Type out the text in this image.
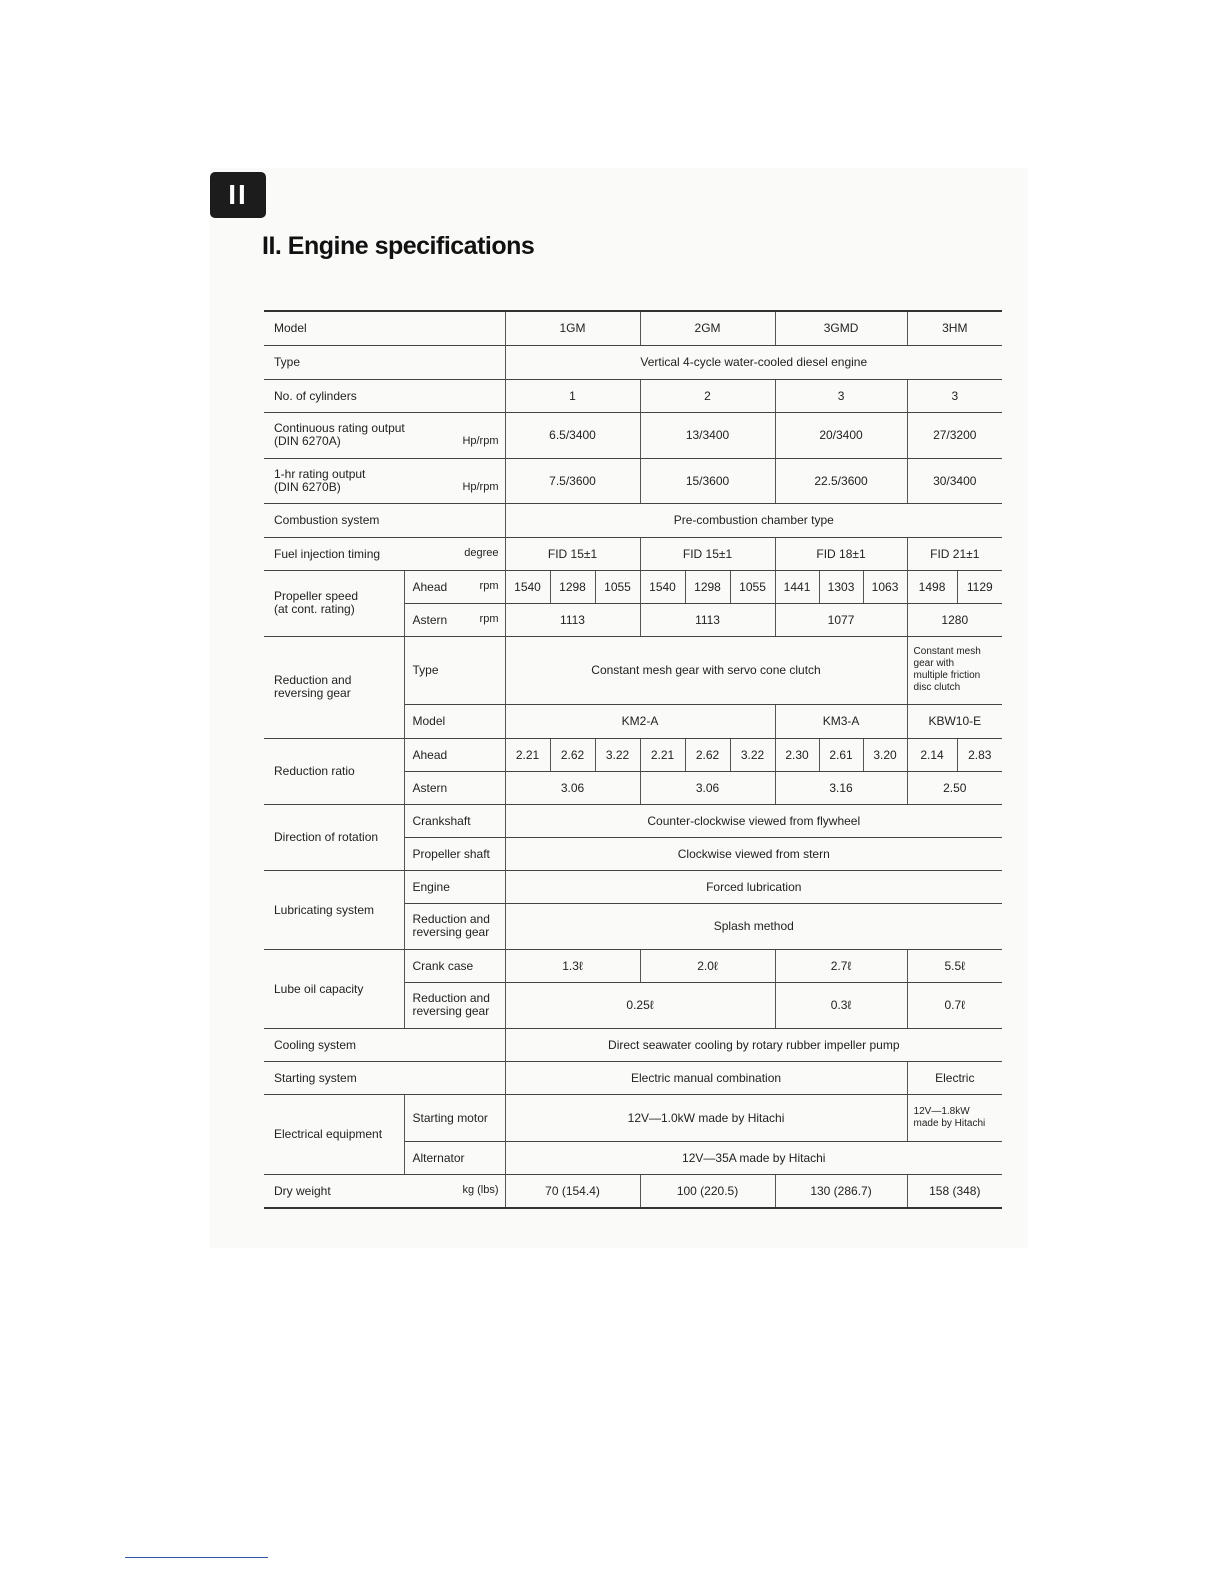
II
II. Engine specifications
Model		1GM			2GM			3GMD			3HM	
Type		Vertical 4-cycle water-cooled diesel engine										
No. of cylinders		1			2			3			3	

Continuous rating output
(DIN 6270A) Hp/rpm		6.5/3400			13/3400			20/3400			27/3200	

1-hr rating output
(DIN 6270B) Hp/rpm		7.5/3600			15/3600			22.5/3600			30/3400	
Combustion system		Pre-combustion chamber type										
Fuel injection timing degree		FID 15±1			FID 15±1			FID 18±1			FID 21±1	

Propeller speed
(at cont. rating)	Ahead rpm	1540	1298	1055	1540	1298	1055	1441	1303	1063	1498	1129
	Astern rpm	1113			1113			1077			1280	

Reduction and
reversing gear	Type	Constant mesh gear with servo cone clutch									Constant mesh
gear with
multiple friction
disc clutch	

	Model	KM2-A						KM3-A			KBW10-E	
Reduction ratio	Ahead	2.21	2.62	3.22	2.21	2.62	3.22	2.30	2.61	3.20	2.14	2.83
	Astern	3.06			3.06			3.16			2.50	
Direction of rotation	Crankshaft	Counter-clockwise viewed from flywheel										
	Propeller shaft	Clockwise viewed from stern										
Lubricating system	Engine	Forced lubrication										

	Reduction and
reversing gear	Splash method										
Lube oil capacity	Crank case	1.3ℓ			2.0ℓ			2.7ℓ			5.5ℓ	

	Reduction and
reversing gear	0.25ℓ						0.3ℓ			0.7ℓ	
Cooling system		Direct seawater cooling by rotary rubber impeller pump										
Starting system		Electric manual combination									Electric	
Electrical equipment	Starting motor	12V—1.0kW made by Hitachi									12V—1.8kW
made by Hitachi	

	Alternator	12V—35A made by Hitachi										
Dry weight kg (lbs)		70 (154.4)			100 (220.5)			130 (286.7)			158 (348)	
